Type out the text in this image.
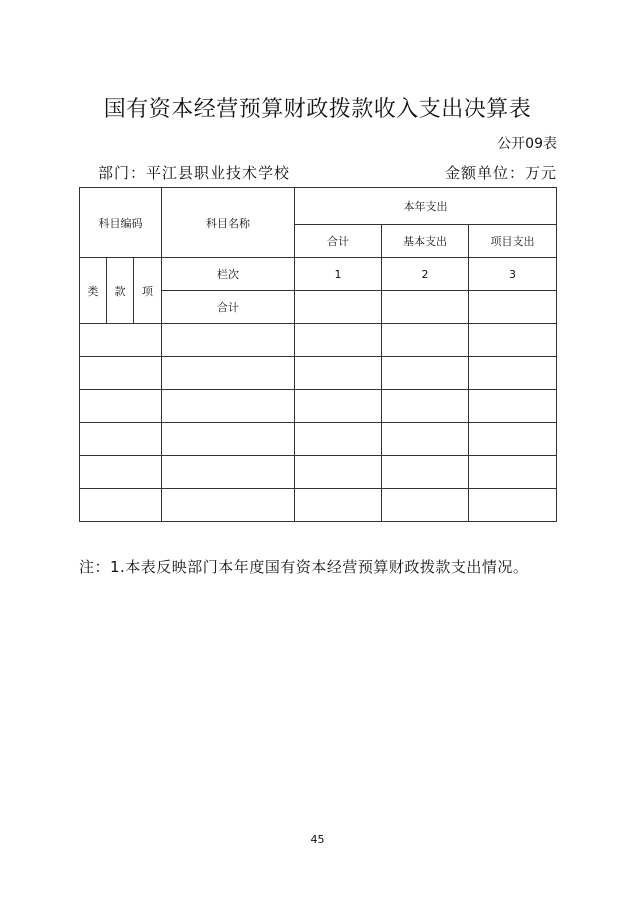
国有资本经营预算财政拨款收入支出决算表
公开09表
部门：平江县职业技术学校	金额单位：万元
科目编码			科目名称	本年支出		
				合计	基本支出	项目支出
类	款	项	栏次	1	2	3
			合计			

注：1.本表反映部门本年度国有资本经营预算财政拨款支出情况。
45
